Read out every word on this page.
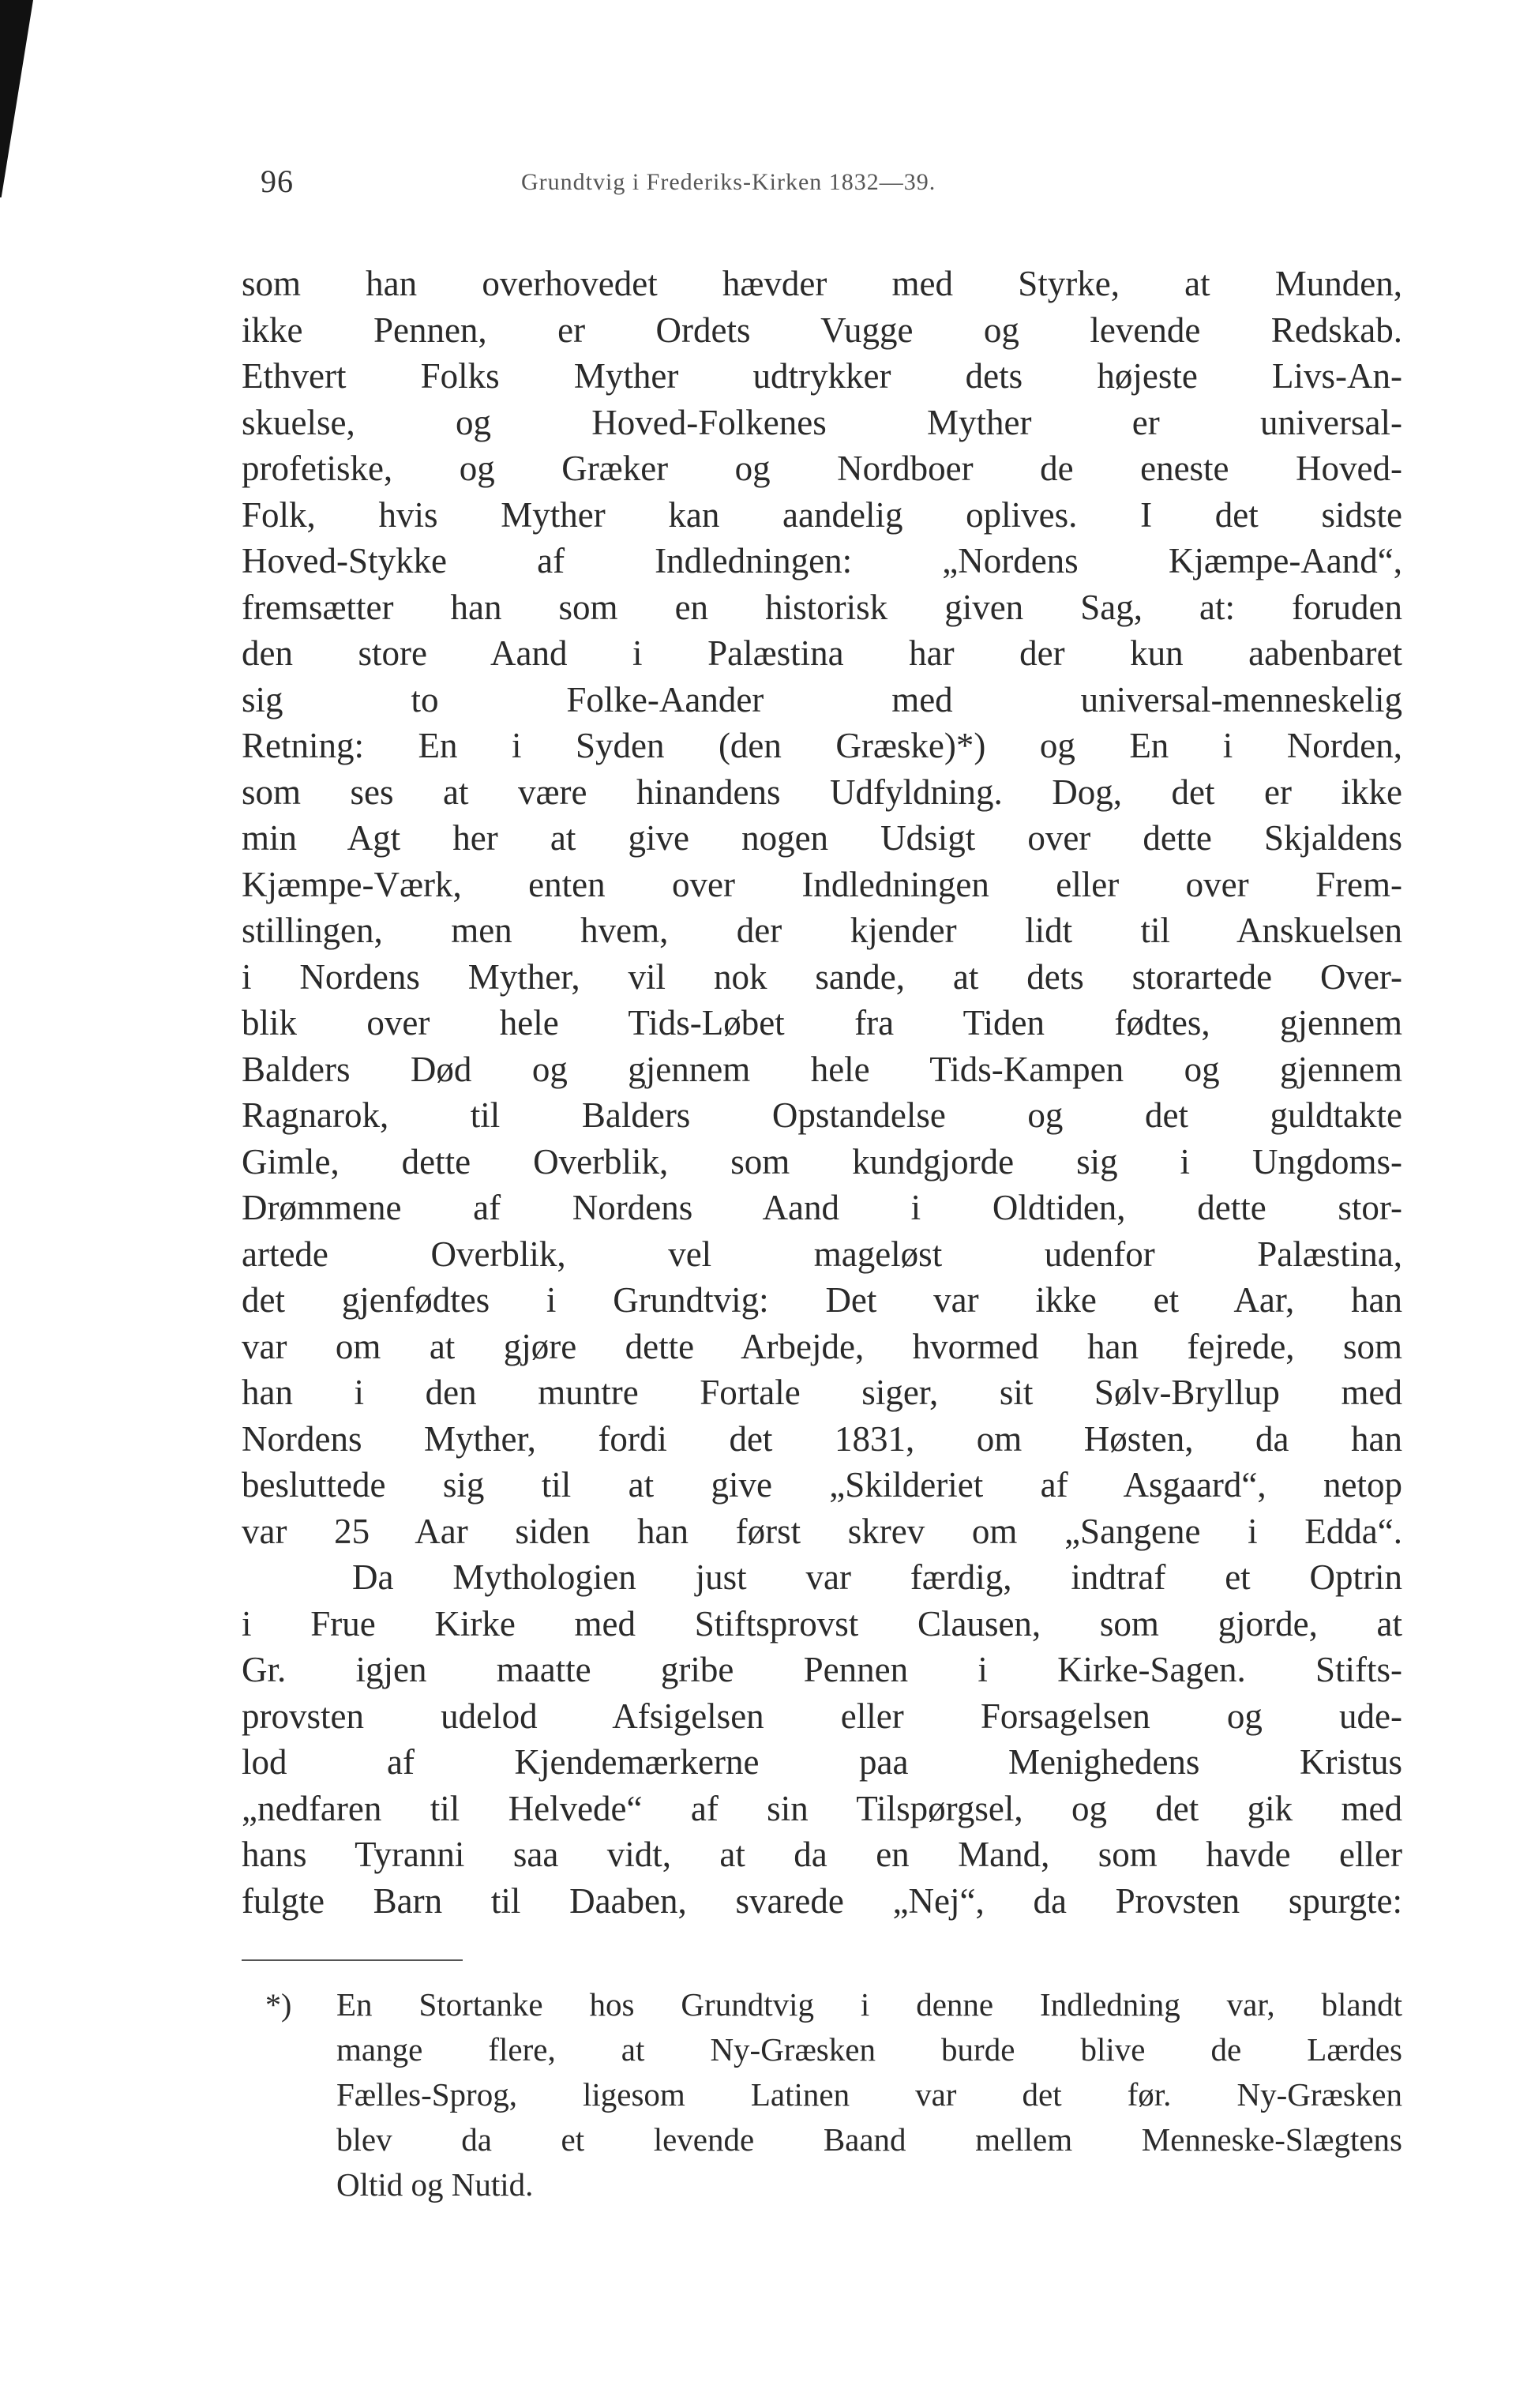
96	Grundtvig i Frederiks-Kirken 1832—39.
som han overhovedet hævder med Styrke, at Munden,
ikke Pennen, er Ordets Vugge og levende Redskab.
Ethvert Folks Myther udtrykker dets højeste Livs-An-
skuelse, og Hoved-Folkenes Myther er universal-
profetiske, og Græker og Nordboer de eneste Hoved-
Folk, hvis Myther kan aandelig oplives. I det sidste
Hoved-Stykke af Indledningen: „Nordens Kjæmpe-Aand“,
fremsætter han som en historisk given Sag, at: foruden
den store Aand i Palæstina har der kun aabenbaret
sig to Folke-Aander med universal-menneskelig
Retning: En i Syden (den Græske)*) og En i Norden,
som ses at være hinandens Udfyldning. Dog, det er ikke
min Agt her at give nogen Udsigt over dette Skjaldens
Kjæmpe-Værk, enten over Indledningen eller over Frem-
stillingen, men hvem, der kjender lidt til Anskuelsen
i Nordens Myther, vil nok sande, at dets storartede Over-
blik over hele Tids-Løbet fra Tiden fødtes, gjennem
Balders Død og gjennem hele Tids-Kampen og gjennem
Ragnarok, til Balders Opstandelse og det guldtakte
Gimle, dette Overblik, som kundgjorde sig i Ungdoms-
Drømmene af Nordens Aand i Oldtiden, dette stor-
artede Overblik, vel mageløst udenfor Palæstina,
det gjenfødtes i Grundtvig: Det var ikke et Aar, han
var om at gjøre dette Arbejde, hvormed han fejrede, som
han i den muntre Fortale siger, sit Sølv-Bryllup med
Nordens Myther, fordi det 1831, om Høsten, da han
besluttede sig til at give „Skilderiet af Asgaard“, netop
var 25 Aar siden han først skrev om „Sangene i Edda“.
Da Mythologien just var færdig, indtraf et Optrin
i Frue Kirke med Stiftsprovst Clausen, som gjorde, at
Gr. igjen maatte gribe Pennen i Kirke-Sagen. Stifts-
provsten udelod Afsigelsen eller Forsagelsen og ude-
lod af Kjendemærkerne paa Menighedens Kristus
„nedfaren til Helvede“ af sin Tilspørgsel, og det gik med
hans Tyranni saa vidt, at da en Mand, som havde eller
fulgte Barn til Daaben, svarede „Nej“, da Provsten spurgte:
*) En Stortanke hos Grundtvig i denne Indledning var, blandt
mange flere, at Ny-Græsken burde blive de Lærdes
Fælles-Sprog, ligesom Latinen var det før. Ny-Græsken
blev da et levende Baand mellem Menneske-Slægtens
Oltid og Nutid.
